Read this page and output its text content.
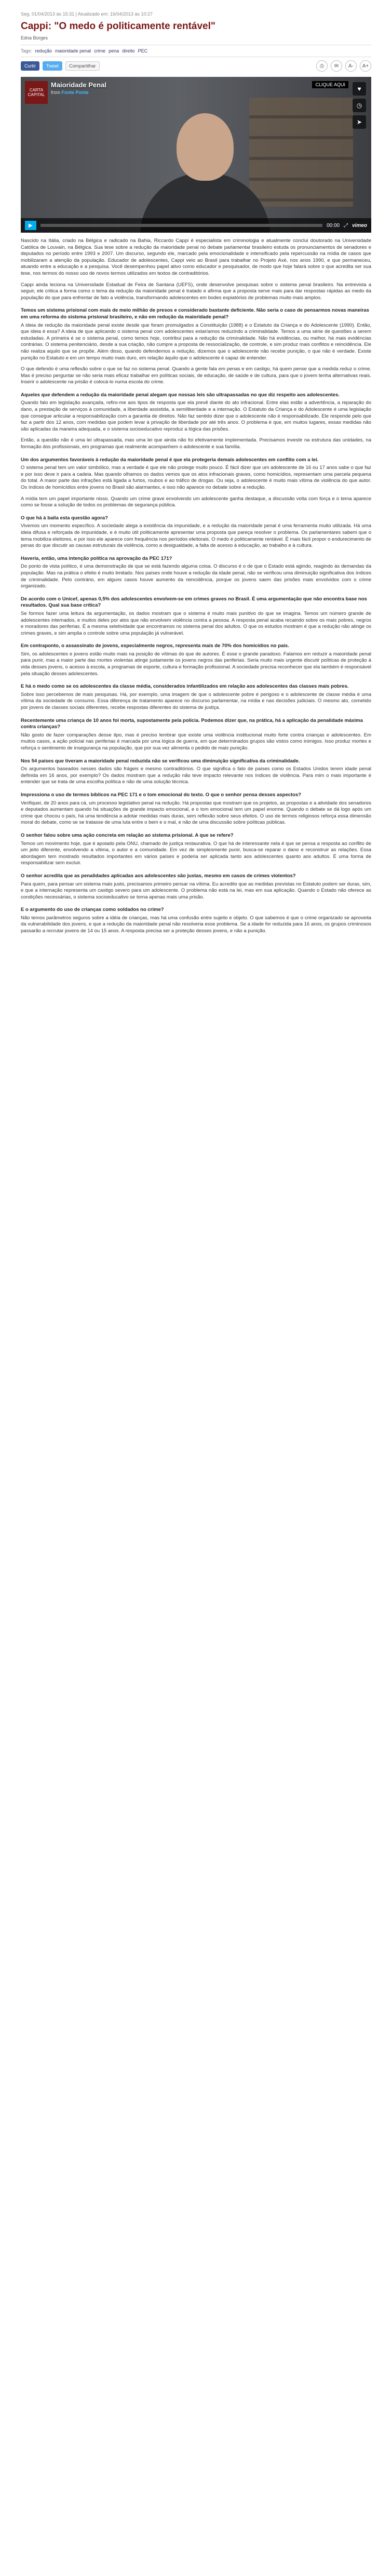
Seg, 01/04/2013 às 15:31 | Atualizado em: 16/04/2013 às 10:27
Cappi: "O medo é politicamente rentável"
Edna Borges
Tags: redução maioridade penal crime pena direito PEC
Curtir	Tweet	Compartilhar	⎙	✉	A-	A+
CARTA CAPITAL
Maioridade Penal
from Fonte Ponte
CLIQUE AQUI
♥
◷
➤
▶	00:00 ⤢ vimeo

Nascido na Itália, criado na Bélgica e radicado na Bahia, Riccardo Cappi é especialista em criminologia e atualmente conclui doutorado na Universidade Católica de Louvain, na Bélgica. Sua tese sobre a redução da maioridade penal no debate parlamentar brasileiro estuda os pronunciamentos de senadores e deputados no período entre 1993 e 2007. Um discurso, segundo ele, marcado pela emocionalidade e intensificado pela repercussão na mídia de casos que mobilizaram a atenção da população. Educador de adolescentes, Cappi veio ao Brasil para trabalhar no Projeto Axé, nos anos 1990, e que permaneceu, atuando entre a educação e a pesquisa. Você desempenhou papel ativo como educador e pesquisador, de modo que hoje falará sobre o que acredita ser sua tese, nos termos do nosso uso de novos termos utilizados em textos de contraditórios.

Cappi ainda leciona na Universidade Estadual de Feira de Santana (UEFS), onde desenvolve pesquisas sobre o sistema penal brasileiro. Na entrevista a seguir, ele critica a forma como o tema da redução da maioridade penal é tratado e afirma que a proposta serve mais para dar respostas rápidas ao medo da população do que para enfrentar de fato a violência, transformando adolescentes em bodes expiatórios de problemas muito mais amplos.

Temos um sistema prisional com mais de meio milhão de presos e considerado bastante deficiente. Não seria o caso de pensarmos novas maneiras em uma reforma do sistema prisional brasileiro, e não em redução da maioridade penal?

A ideia de redução da maioridade penal existe desde que foram promulgados a Constituição (1988) e o Estatuto da Criança e do Adolescente (1990). Então, que ideia é essa? A ideia de que aplicando o sistema penal com adolescentes estaríamos reduzindo a criminalidade. Temos a uma série de questões a serem estudadas. A primeira é se o sistema penal, como temos hoje, contribui para a redução da criminalidade. Não há evidências, ou melhor, há mais evidências contrárias. O sistema penitenciário, desde a sua criação, não cumpre a proposta de ressocialização, de controle, e sim produz mais conflitos e reincidência. Ele não realiza aquilo que se propõe. Além disso, quando defendemos a redução, dizemos que o adolescente não recebe punição, o que não é verdade. Existe punição no Estatuto e em um tempo muito mais duro, em relação àquilo que o adolescente é capaz de entender.

O que defendo é uma reflexão sobre o que se faz no sistema penal. Quando a gente fala em penas e em castigo, há quem pense que a medida reduz o crime. Mas é preciso perguntar se não seria mais eficaz trabalhar em políticas sociais, de educação, de saúde e de cultura, para que o jovem tenha alternativas reais. Inserir o adolescente na prisão é colocá-lo numa escola do crime.

Aqueles que defendem a redução da maioridade penal alegam que nossas leis são ultrapassadas no que diz respeito aos adolescentes.

Quando falo em legislação avançada, refiro-me aos tipos de resposta que ela prevê diante do ato infracional. Entre elas estão a advertência, a reparação do dano, a prestação de serviços à comunidade, a liberdade assistida, a semiliberdade e a internação. O Estatuto da Criança e do Adolescente é uma legislação que consegue articular a responsabilização com a garantia de direitos. Não faz sentido dizer que o adolescente não é responsabilizado. Ele responde pelo que faz a partir dos 12 anos, com medidas que podem levar à privação de liberdade por até três anos. O problema é que, em muitos lugares, essas medidas não são aplicadas da maneira adequada, e o sistema socioeducativo reproduz a lógica das prisões.

Então, a questão não é uma lei ultrapassada, mas uma lei que ainda não foi efetivamente implementada. Precisamos investir na estrutura das unidades, na formação dos profissionais, em programas que realmente acompanhem o adolescente e sua família.

Um dos argumentos favoráveis à redução da maioridade penal é que ela protegeria demais adolescentes em conflito com a lei.

O sistema penal tem um valor simbólico, mas a verdade é que ele não protege muito pouco. É fácil dizer que um adolescente de 16 ou 17 anos sabe o que faz e por isso deve ir para a cadeia. Mas quando olhamos os dados vemos que os atos infracionais graves, como homicídios, representam uma parcela pequena do total. A maior parte das infrações está ligada a furtos, roubos e ao tráfico de drogas. Ou seja, o adolescente é muito mais vítima de violência do que autor. Os índices de homicídios entre jovens no Brasil são alarmantes, e isso não aparece no debate sobre a redução.

A mídia tem um papel importante nisso. Quando um crime grave envolvendo um adolescente ganha destaque, a discussão volta com força e o tema aparece como se fosse a solução de todos os problemas de segurança pública.

O que há à baila esta questão agora?

Vivemos um momento específico. A sociedade alega a existência da impunidade, e a redução da maioridade penal é uma ferramenta muito utilizada. Há uma ideia difusa e reforçada de impunidade, e é muito útil politicamente apresentar uma proposta que pareça resolver o problema. Os parlamentares sabem que o tema mobiliza eleitores, e por isso ele aparece com frequência nos períodos eleitorais. O medo é politicamente rentável. É mais fácil propor o endurecimento de penas do que discutir as causas estruturais da violência, como a desigualdade, a falta de acesso à educação, ao trabalho e à cultura.

Haveria, então, uma intenção política na aprovação da PEC 171?

Do ponto de vista político, é uma demonstração de que se está fazendo alguma coisa. O discurso é o de que o Estado está agindo, reagindo às demandas da população. Mas na prática o efeito é muito limitado. Nos países onde houve a redução da idade penal, não se verificou uma diminuição significativa dos índices de criminalidade. Pelo contrário, em alguns casos houve aumento da reincidência, porque os jovens saem das prisões mais envolvidos com o crime organizado.

De acordo com o Unicef, apenas 0,5% dos adolescentes envolvem-se em crimes graves no Brasil. É uma argumentação que não encontra base nos resultados. Qual sua base crítica?

Se formos fazer uma leitura da argumentação, os dados mostram que o sistema é muito mais punitivo do que se imagina. Temos um número grande de adolescentes internados, e muitos deles por atos que não envolvem violência contra a pessoa. A resposta penal acaba recaindo sobre os mais pobres, negros e moradores das periferias. É a mesma seletividade que encontramos no sistema penal dos adultos. O que os estudos mostram é que a redução não atinge os crimes graves, e sim amplia o controle sobre uma população já vulnerável.

Em contraponto, o assassinato de jovens, especialmente negros, representa mais de 70% dos homicídios no país.

Sim, os adolescentes e jovens estão muito mais na posição de vítimas do que de autores. É esse o grande paradoxo. Falamos em reduzir a maioridade penal para punir, mas a maior parte das mortes violentas atinge justamente os jovens negros das periferias. Seria muito mais urgente discutir políticas de proteção à vida desses jovens, o acesso à escola, a programas de esporte, cultura e formação profissional. A sociedade precisa reconhecer que ela também é responsável pela situação desses adolescentes.

E há o medo como se os adolescentes da classe média, considerados infantilizados em relação aos adolescentes das classes mais pobres.

Sobre isso percebemos de mais pesquisas. Há, por exemplo, uma imagem de que o adolescente pobre é perigoso e o adolescente de classe média é uma vítima da sociedade de consumo. Essa diferença de tratamento aparece no discurso parlamentar, na mídia e nas decisões judiciais. O mesmo ato, cometido por jovens de classes sociais diferentes, recebe respostas diferentes do sistema de justiça.

Recentemente uma criança de 10 anos foi morta, supostamente pela polícia. Podemos dizer que, na prática, há a aplicação da penalidade máxima contra crianças?

Não gosto de fazer comparações desse tipo, mas é preciso lembrar que existe uma violência institucional muito forte contra crianças e adolescentes. Em muitos casos, a ação policial nas periferias é marcada por uma lógica de guerra, em que determinados grupos são vistos como inimigos. Isso produz mortes e reforça o sentimento de insegurança na população, que por sua vez alimenta o pedido de mais punição.

Nos 54 países que tiveram a maioridade penal reduzida não se verificou uma diminuição significativa da criminalidade.

Os argumentos baseados nesses dados são frágeis e mesmo contraditórios. O que significa o fato de países como os Estados Unidos terem idade penal definida em 16 anos, por exemplo? Os dados mostram que a redução não teve impacto relevante nos índices de violência. Para mim o mais importante é entender que se trata de uma escolha política e não de uma solução técnica.

Impressiona o uso de termos bíblicos na PEC 171 e o tom emocional do texto. O que o senhor pensa desses aspectos?

Verifiquei, de 20 anos para cá, um processo legislativo penal na redução. Há propostas que mostram que os projetos, as propostas e a atividade dos senadores e deputados aumentam quando há situações de grande impacto emocional, e o tom emocional tem um papel enorme. Quando o debate se dá logo após um crime que chocou o país, há uma tendência a adotar medidas mais duras, sem reflexão sobre seus efeitos. O uso de termos religiosos reforça essa dimensão moral do debate, como se se tratasse de uma luta entre o bem e o mal, e não de uma discussão sobre políticas públicas.

O senhor falou sobre uma ação concreta em relação ao sistema prisional. A que se refere?

Temos um movimento hoje, que é apoiado pela ONU, chamado de justiça restaurativa. O que há de interessante nela é que se pensa a resposta ao conflito de um jeito diferente, envolvendo a vítima, o autor e a comunidade. Em vez de simplesmente punir, busca-se reparar o dano e reconstruir as relações. Essa abordagem tem mostrado resultados importantes em vários países e poderia ser aplicada tanto aos adolescentes quanto aos adultos. É uma forma de responsabilizar sem excluir.

O senhor acredita que as penalidades aplicadas aos adolescentes são justas, mesmo em casos de crimes violentos?

Para quem, para pensar um sistema mais justo, precisamos primeiro pensar na vítima. Eu acredito que as medidas previstas no Estatuto podem ser duras, sim, e que a internação representa um castigo severo para um adolescente. O problema não está na lei, mas em sua aplicação. Quando o Estado não oferece as condições necessárias, o sistema socioeducativo se torna apenas mais uma prisão.

E o argumento do uso de crianças como soldados no crime?

Não temos parâmetros seguros sobre a idéia de crianças, mas há uma confusão entre sujeito e objeto. O que sabemos é que o crime organizado se aproveita da vulnerabilidade dos jovens, e que a redução da maioridade penal não resolveria esse problema. Se a idade for reduzida para 16 anos, os grupos criminosos passarão a recrutar jovens de 14 ou 15 anos. A resposta precisa ser a proteção desses jovens, e não a punição.
